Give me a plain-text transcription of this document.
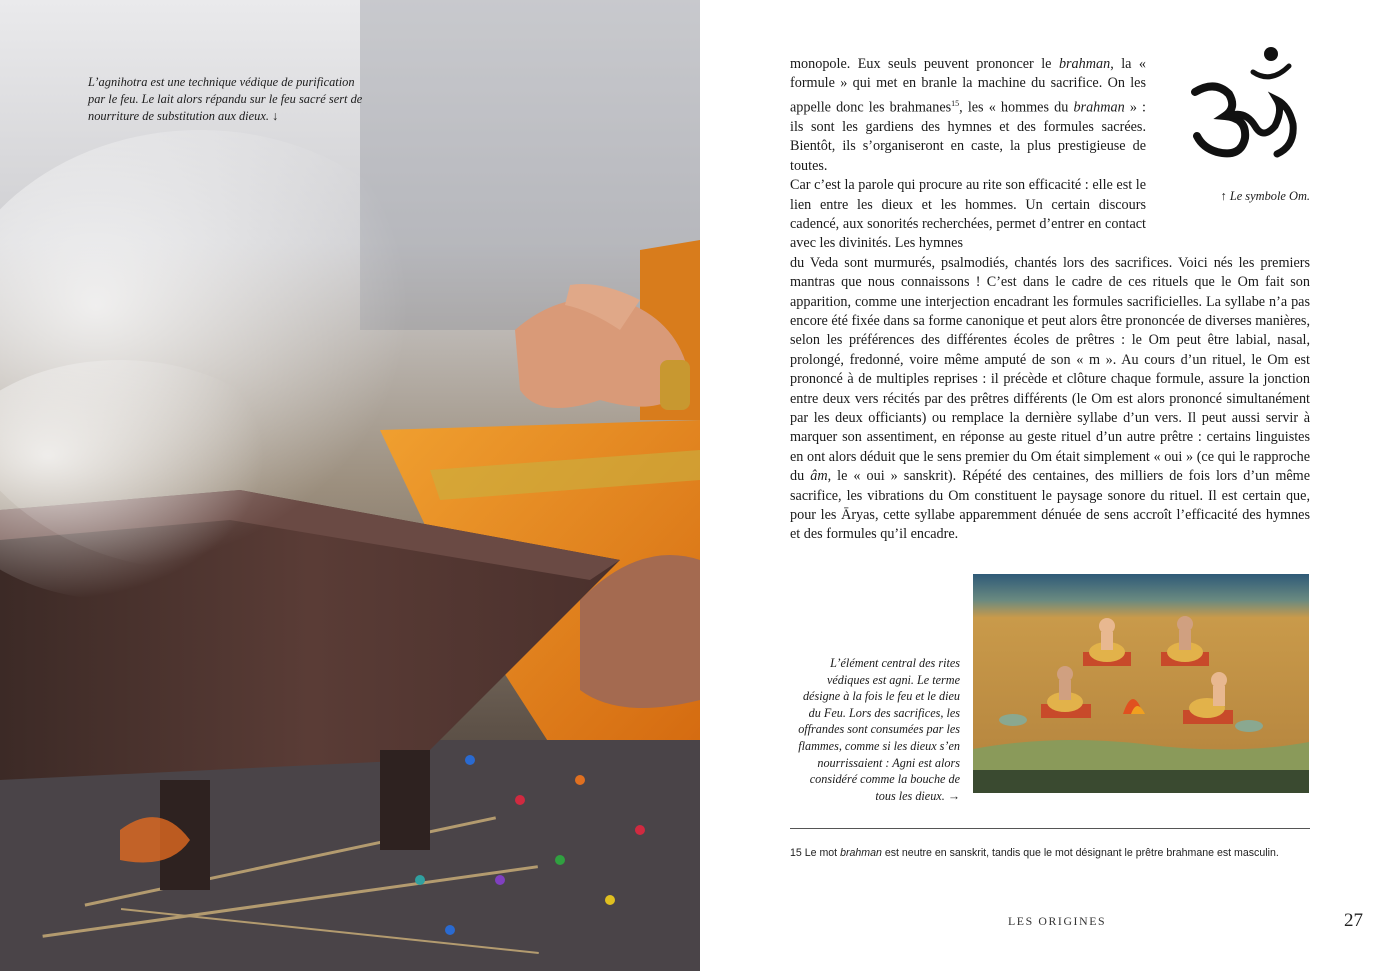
L’agnihotra est une technique védique de purification par le feu. Le lait alors répandu sur le feu sacré sert de nourriture de substitution aux dieux. ↓

monopole. Eux seuls peuvent prononcer le brahman, la « formule » qui met en branle la machine du sacrifice. On les appelle donc les brahmanes$^{15}$, les « hommes du brahman » : ils sont les gardiens des hymnes et des formules sacrées. Bientôt, ils s’organiseront en caste, la plus prestigieuse de toutes.

Car c’est la parole qui procure au rite son efficacité : elle est le lien entre les dieux et les hommes. Un certain discours cadencé, aux sonorités recherchées, permet d’entrer en contact avec les divinités. Les hymnes
du Veda sont murmurés, psalmodiés, chantés lors des sacrifices. Voici nés les premiers mantras que nous connaissons ! C’est dans le cadre de ces rituels que le Om fait son apparition, comme une interjection encadrant les formules sacrificielles. La syllabe n’a pas encore été fixée dans sa forme canonique et peut alors être prononcée de diverses manières, selon les préférences des différentes écoles de prêtres : le Om peut être labial, nasal, prolongé, fredonné, voire même amputé de son « m ». Au cours d’un rituel, le Om est prononcé à de multiples reprises : il précède et clôture chaque formule, assure la jonction entre deux vers récités par des prêtres différents (le Om est alors prononcé simultanément par les deux officiants) ou remplace la dernière syllabe d’un vers. Il peut aussi servir à marquer son assentiment, en réponse au geste rituel d’un autre prêtre : certains linguistes en ont alors déduit que le sens premier du Om était simplement « oui » (ce qui le rapproche du âm, le « oui » sanskrit). Répété des centaines, des milliers de fois lors d’un même sacrifice, les vibrations du Om constituent le paysage sonore du rituel. Il est certain que, pour les Āryas, cette syllabe apparemment dénuée de sens accroît l’efficacité des hymnes et des formules qu’il encadre.

↑ Le symbole Om.
L’élément central des rites védiques est agni. Le terme désigne à la fois le feu et le dieu du Feu. Lors des sacrifices, les offrandes sont consumées par les flammes, comme si les dieux s’en nourrissaient : Agni est alors considéré comme la bouche de tous les dieux. →
15 Le mot brahman est neutre en sanskrit, tandis que le mot désignant le prêtre brahmane est masculin.
LES ORIGINES	27
